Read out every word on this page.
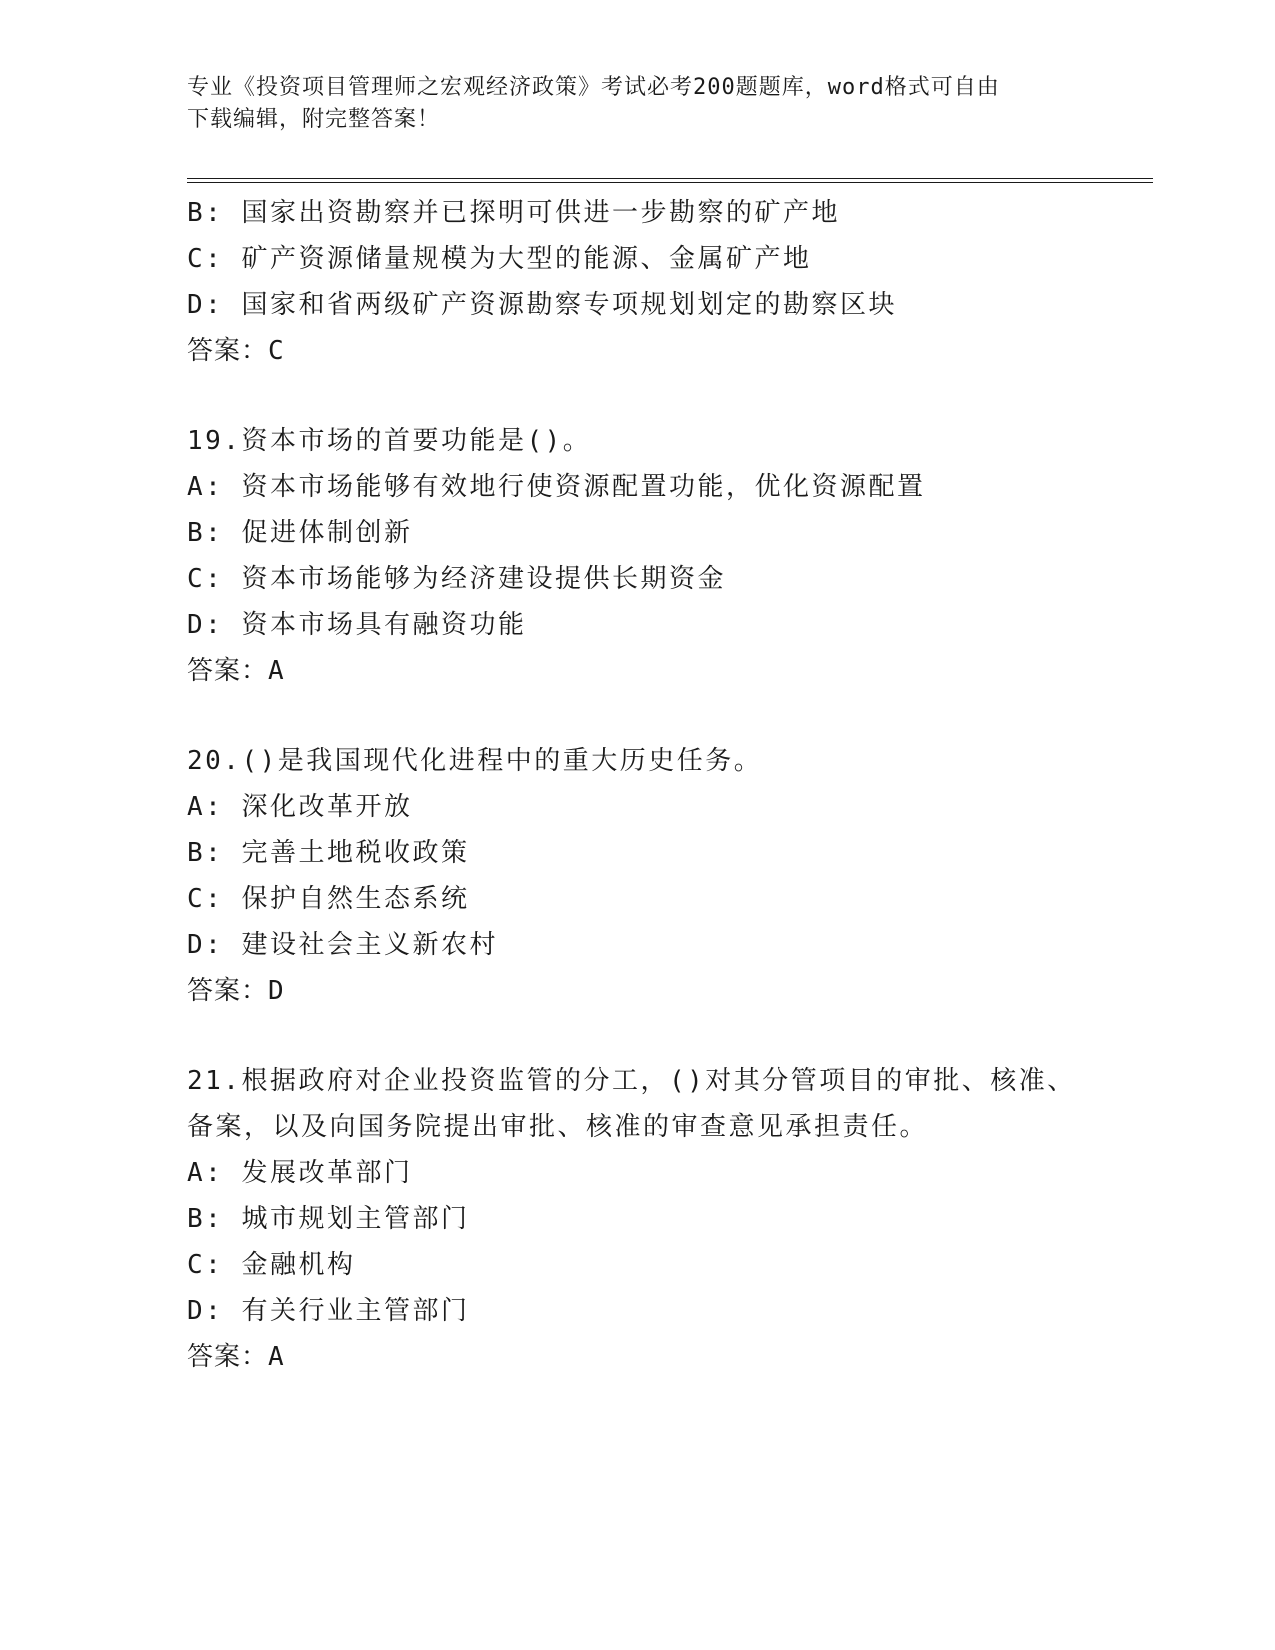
专业《投资项目管理师之宏观经济政策》考试必考200题题库，word格式可自由
下载编辑，附完整答案！
B: 国家出资勘察并已探明可供进一步勘察的矿产地
C: 矿产资源储量规模为大型的能源、金属矿产地
D: 国家和省两级矿产资源勘察专项规划划定的勘察区块
答案：C
19.资本市场的首要功能是()。
A: 资本市场能够有效地行使资源配置功能，优化资源配置
B: 促进体制创新
C: 资本市场能够为经济建设提供长期资金
D: 资本市场具有融资功能
答案：A
20.()是我国现代化进程中的重大历史任务。
A: 深化改革开放
B: 完善土地税收政策
C: 保护自然生态系统
D: 建设社会主义新农村
答案：D
21.根据政府对企业投资监管的分工，()对其分管项目的审批、核准、
备案，以及向国务院提出审批、核准的审查意见承担责任。
A: 发展改革部门
B: 城市规划主管部门
C: 金融机构
D: 有关行业主管部门
答案：A
